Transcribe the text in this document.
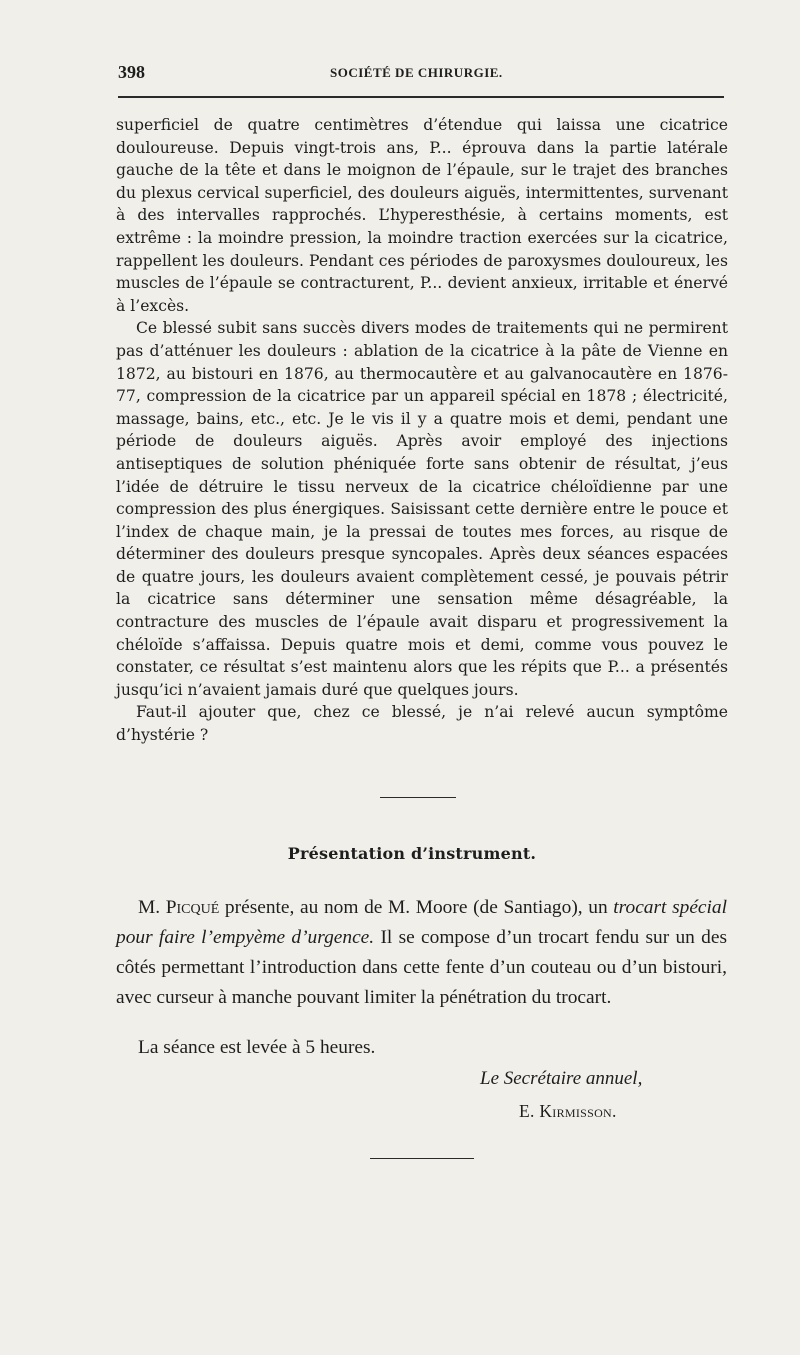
398	SOCIÉTÉ DE CHIRURGIE.

superficiel de quatre centimètres d’étendue qui laissa une cicatrice douloureuse. Depuis vingt-trois ans, P... éprouva dans la partie latérale gauche de la tête et dans le moignon de l’épaule, sur le trajet des branches du plexus cervical superficiel, des douleurs aiguës, intermittentes, survenant à des intervalles rapprochés. L’hyperesthésie, à certains moments, est extrême : la moindre pression, la moindre traction exercées sur la cicatrice, rappellent les douleurs. Pendant ces périodes de paroxysmes douloureux, les muscles de l’épaule se contracturent, P... devient anxieux, irritable et énervé à l’excès.

Ce blessé subit sans succès divers modes de traitements qui ne permirent pas d’atténuer les douleurs : ablation de la cicatrice à la pâte de Vienne en 1872, au bistouri en 1876, au thermocautère et au galvanocautère en 1876-77, compression de la cicatrice par un appareil spécial en 1878 ; électricité, massage, bains, etc., etc. Je le vis il y a quatre mois et demi, pendant une période de douleurs aiguës. Après avoir employé des injections antiseptiques de solution phéniquée forte sans obtenir de résultat, j’eus l’idée de détruire le tissu nerveux de la cicatrice chéloïdienne par une compression des plus énergiques. Saisissant cette dernière entre le pouce et l’index de chaque main, je la pressai de toutes mes forces, au risque de déterminer des douleurs presque syncopales. Après deux séances espacées de quatre jours, les douleurs avaient complètement cessé, je pouvais pétrir la cicatrice sans déterminer une sensation même désagréable, la contracture des muscles de l’épaule avait disparu et progressivement la chéloïde s’affaissa. Depuis quatre mois et demi, comme vous pouvez le constater, ce résultat s’est maintenu alors que les répits que P... a présentés jusqu’ici n’avaient jamais duré que quelques jours.

Faut-il ajouter que, chez ce blessé, je n’ai relevé aucun symptôme d’hystérie ?

Présentation d’instrument.

M. Picqué présente, au nom de M. Moore (de Santiago), un trocart spécial pour faire l’empyème d’urgence. Il se compose d’un trocart fendu sur un des côtés permettant l’introduction dans cette fente d’un couteau ou d’un bistouri, avec curseur à manche pouvant limiter la pénétration du trocart.

La séance est levée à 5 heures.
Le Secrétaire annuel,
E. Kirmisson.
